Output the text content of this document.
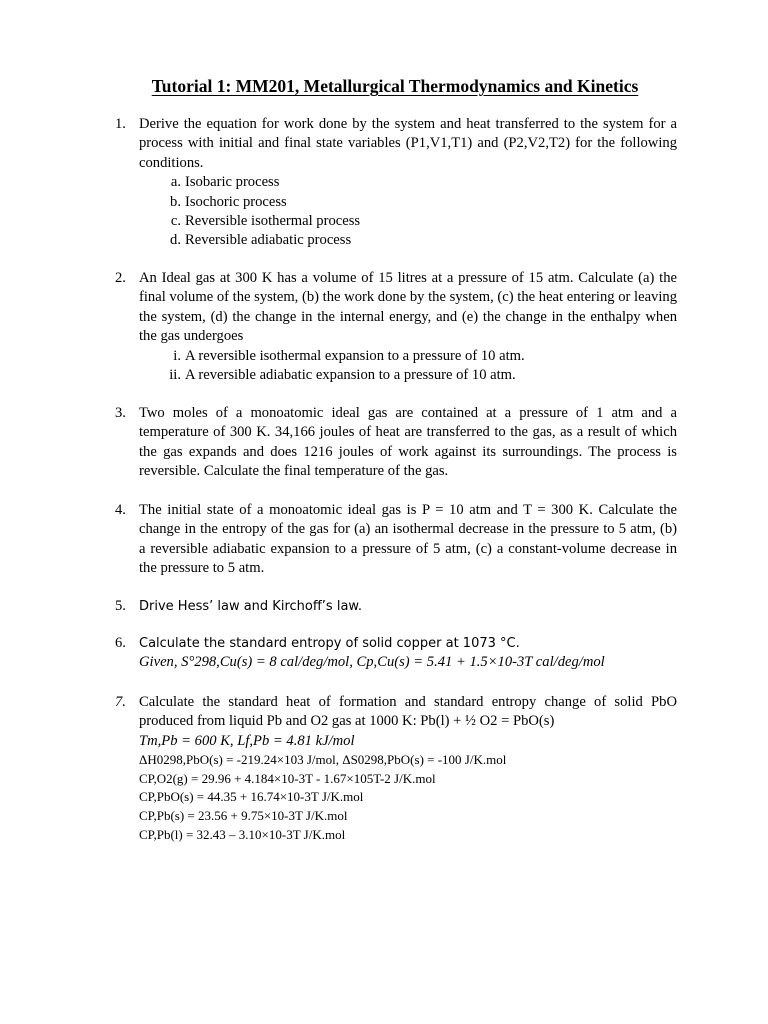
Tutorial 1: MM201, Metallurgical Thermodynamics and Kinetics
1. Derive the equation for work done by the system and heat transferred to the system for a process with initial and final state variables (P1,V1,T1) and (P2,V2,T2) for the following conditions.

a. Isobaric process
b. Isochoric process
c. Reversible isothermal process
d. Reversible adiabatic process
2. An Ideal gas at 300 K has a volume of 15 litres at a pressure of 15 atm. Calculate (a) the final volume of the system, (b) the work done by the system, (c) the heat entering or leaving the system, (d) the change in the internal energy, and (e) the change in the enthalpy when the gas undergoes

i. A reversible isothermal expansion to a pressure of 10 atm.
ii. A reversible adiabatic expansion to a pressure of 10 atm.
3. Two moles of a monoatomic ideal gas are contained at a pressure of 1 atm and a temperature of 300 K. 34,166 joules of heat are transferred to the gas, as a result of which the gas expands and does 1216 joules of work against its surroundings. The process is reversible. Calculate the final temperature of the gas.

4. The initial state of a monoatomic ideal gas is P = 10 atm and T = 300 K. Calculate the change in the entropy of the gas for (a) an isothermal decrease in the pressure to 5 atm, (b) a reversible adiabatic expansion to a pressure of 5 atm, (c) a constant-volume decrease in the pressure to 5 atm.

5. Drive Hess’ law and Kirchoff’s law.

6. Calculate the standard entropy of solid copper at 1073 °C.

Given, S°298,Cu(s) = 8 cal/deg/mol, Cp,Cu(s) = 5.41 + 1.5×10-3T cal/deg/mol

7. Calculate the standard heat of formation and standard entropy change of solid PbO produced from liquid Pb and O2 gas at 1000 K: Pb(l) + ½ O2 = PbO(s)

Tm,Pb = 600 K, Lf,Pb = 4.81 kJ/mol

ΔH0298,PbO(s) = -219.24×103 J/mol, ΔS0298,PbO(s) = -100 J/K.mol

CP,O2(g) = 29.96 + 4.184×10-3T - 1.67×105T-2 J/K.mol

CP,PbO(s) = 44.35 + 16.74×10-3T J/K.mol

CP,Pb(s) = 23.56 + 9.75×10-3T J/K.mol

CP,Pb(l) = 32.43 – 3.10×10-3T J/K.mol
